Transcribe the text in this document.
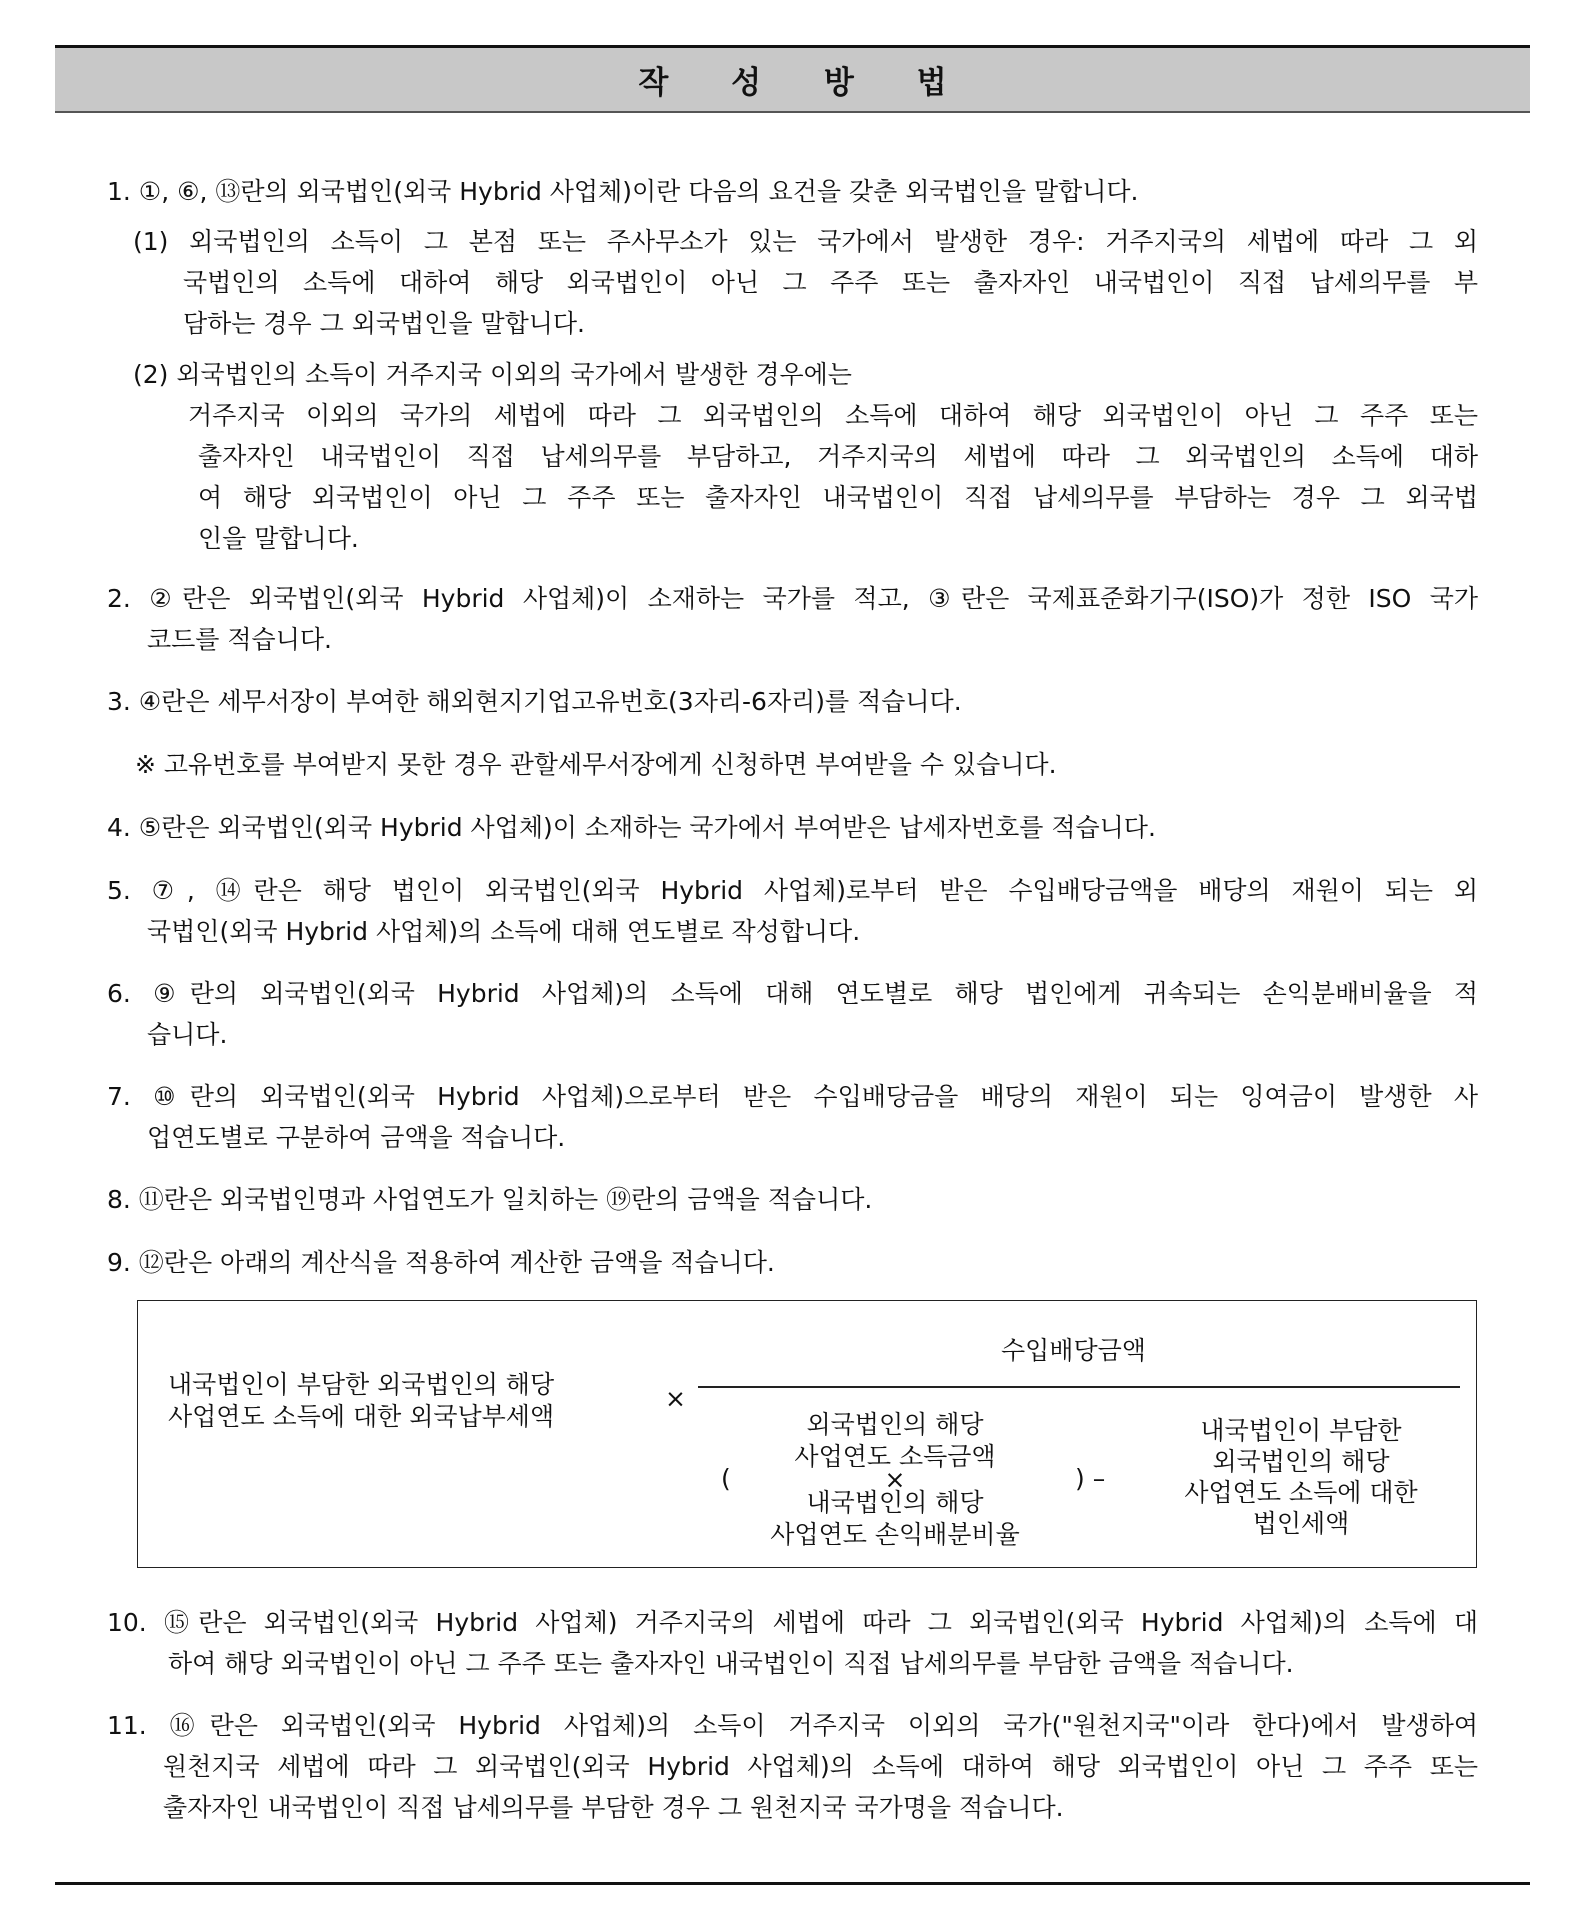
작 성 방 법
1. ①, ⑥, ⑬란의 외국법인(외국 Hybrid 사업체)이란 다음의 요건을 갖춘 외국법인을 말합니다.
(1) 외국법인의 소득이 그 본점 또는 주사무소가 있는 국가에서 발생한 경우: 거주지국의 세법에 따라 그 외
국법인의 소득에 대하여 해당 외국법인이 아닌 그 주주 또는 출자자인 내국법인이 직접 납세의무를 부
담하는 경우 그 외국법인을 말합니다.
(2) 외국법인의 소득이 거주지국 이외의 국가에서 발생한 경우에는
거주지국 이외의 국가의 세법에 따라 그 외국법인의 소득에 대하여 해당 외국법인이 아닌 그 주주 또는
출자자인 내국법인이 직접 납세의무를 부담하고, 거주지국의 세법에 따라 그 외국법인의 소득에 대하
여 해당 외국법인이 아닌 그 주주 또는 출자자인 내국법인이 직접 납세의무를 부담하는 경우 그 외국법
인을 말합니다.
2. ②란은 외국법인(외국 Hybrid 사업체)이 소재하는 국가를 적고, ③란은 국제표준화기구(ISO)가 정한 ISO 국가
코드를 적습니다.
3. ④란은 세무서장이 부여한 해외현지기업고유번호(3자리-6자리)를 적습니다.
※ 고유번호를 부여받지 못한 경우 관할세무서장에게 신청하면 부여받을 수 있습니다.
4. ⑤란은 외국법인(외국 Hybrid 사업체)이 소재하는 국가에서 부여받은 납세자번호를 적습니다.
5. ⑦, ⑭란은 해당 법인이 외국법인(외국 Hybrid 사업체)로부터 받은 수입배당금액을 배당의 재원이 되는 외
국법인(외국 Hybrid 사업체)의 소득에 대해 연도별로 작성합니다.
6. ⑨란의 외국법인(외국 Hybrid 사업체)의 소득에 대해 연도별로 해당 법인에게 귀속되는 손익분배비율을 적
습니다.
7. ⑩란의 외국법인(외국 Hybrid 사업체)으로부터 받은 수입배당금을 배당의 재원이 되는 잉여금이 발생한 사
업연도별로 구분하여 금액을 적습니다.
8. ⑪란은 외국법인명과 사업연도가 일치하는 ⑲란의 금액을 적습니다.
9. ⑫란은 아래의 계산식을 적용하여 계산한 금액을 적습니다.
내국법인이 부담한 외국법인의 해당
사업연도 소득에 대한 외국납부세액
×
수입배당금액
(
외국법인의 해당
사업연도 소득금액
×
내국법인의 해당
사업연도 손익배분비율
) –
내국법인이 부담한
외국법인의 해당
사업연도 소득에 대한
법인세액
10. ⑮란은 외국법인(외국 Hybrid 사업체) 거주지국의 세법에 따라 그 외국법인(외국 Hybrid 사업체)의 소득에 대
하여 해당 외국법인이 아닌 그 주주 또는 출자자인 내국법인이 직접 납세의무를 부담한 금액을 적습니다.
11. ⑯란은 외국법인(외국 Hybrid 사업체)의 소득이 거주지국 이외의 국가("원천지국"이라 한다)에서 발생하여
원천지국 세법에 따라 그 외국법인(외국 Hybrid 사업체)의 소득에 대하여 해당 외국법인이 아닌 그 주주 또는
출자자인 내국법인이 직접 납세의무를 부담한 경우 그 원천지국 국가명을 적습니다.
